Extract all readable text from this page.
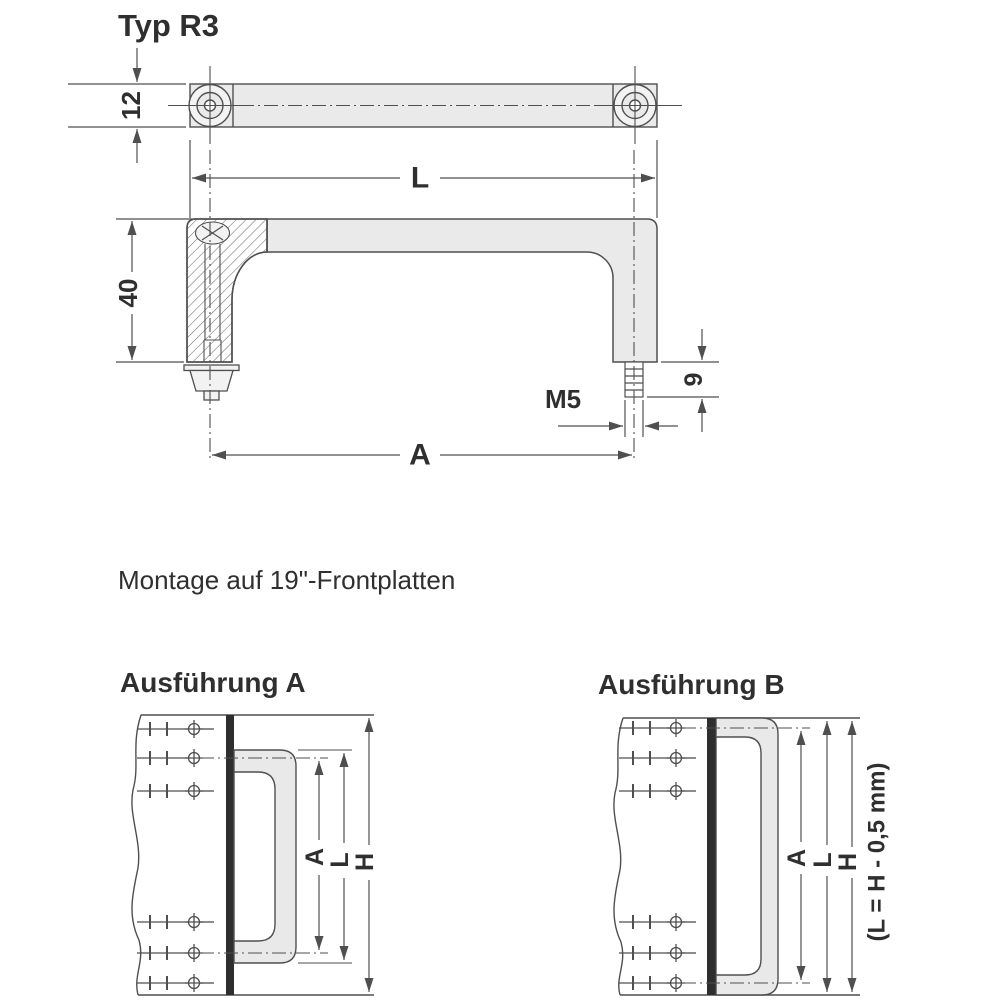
Typ R3
12
L
40
9
M5
A
Montage auf 19"-Frontplatten
Ausführung A
A
L
H
Ausführung B
A
L
H (L = H - 0,5 mm)
